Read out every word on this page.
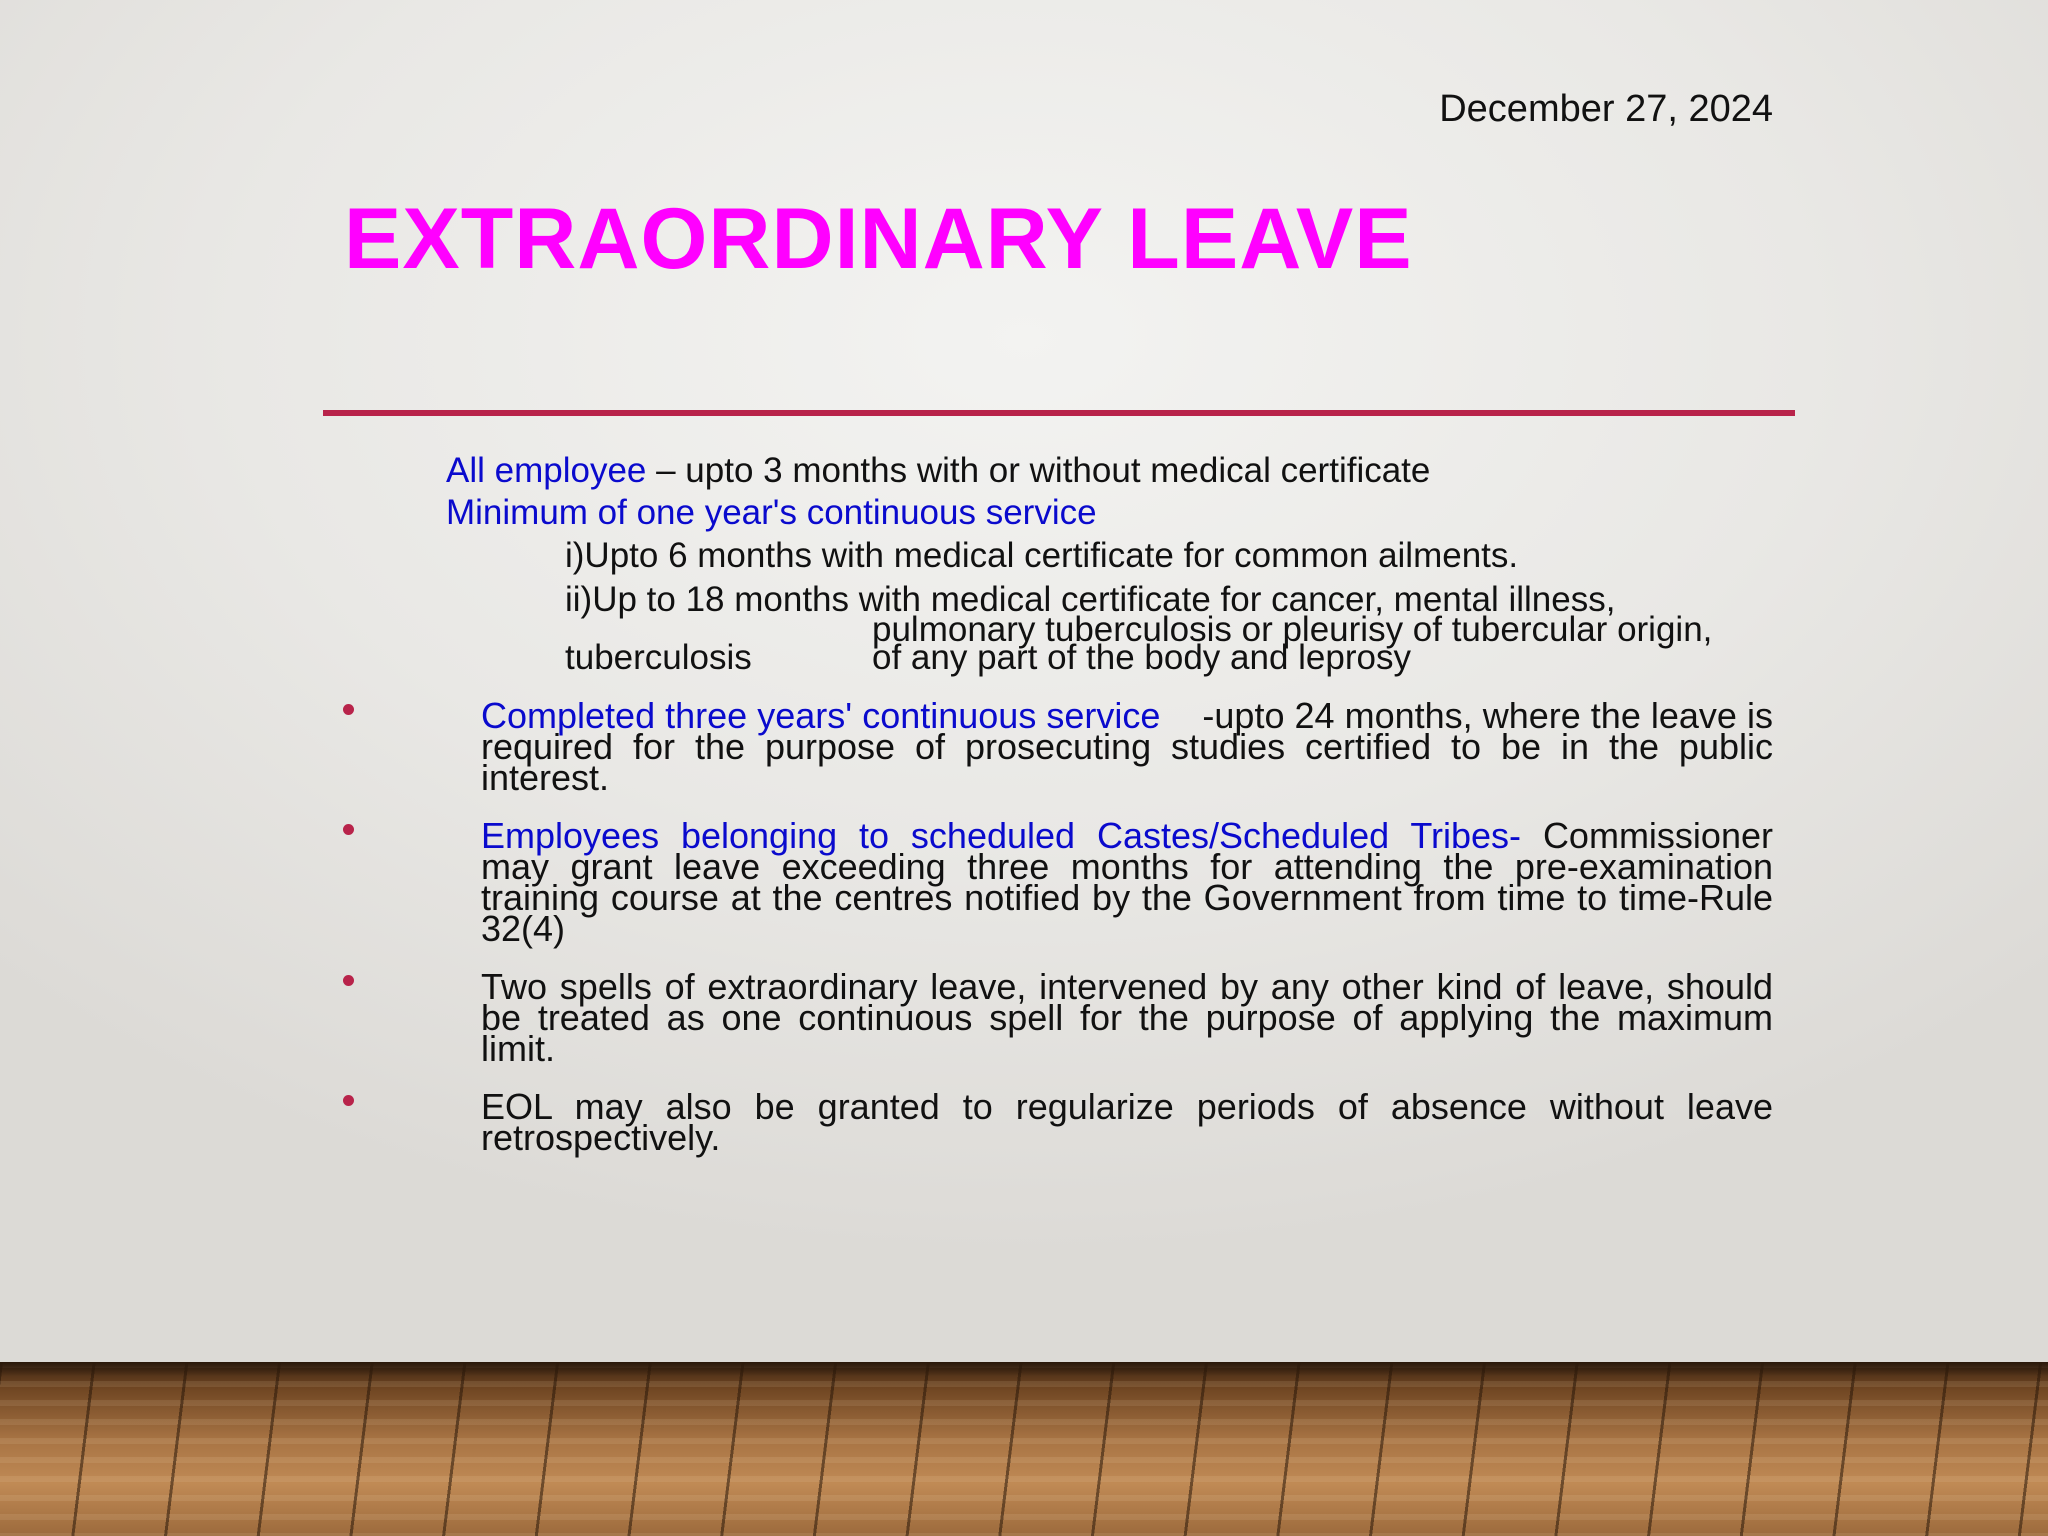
December 27, 2024
EXTRAORDINARY LEAVE
All employee – upto 3 months with or without medical certificate
Minimum of one year's continuous service
i)Upto 6 months with medical certificate for common ailments.
ii)Up to 18 months with medical certificate for cancer, mental illness,
pulmonary tuberculosis or pleurisy of tubercular origin,
tuberculosis	of any part of the body and leprosy
Completed three years' continuous service -upto 24 months, where the leave is required for the purpose of prosecuting studies certified to be in the public interest.
Employees belonging to scheduled Castes/Scheduled Tribes- Commissioner may grant leave exceeding three months for attending the pre-examination training course at the centres notified by the Government from time to time-Rule 32(4)
Two spells of extraordinary leave, intervened by any other kind of leave, should be treated as one continuous spell for the purpose of applying the maximum limit.
EOL may also be granted to regularize periods of absence without leave retrospectively.
